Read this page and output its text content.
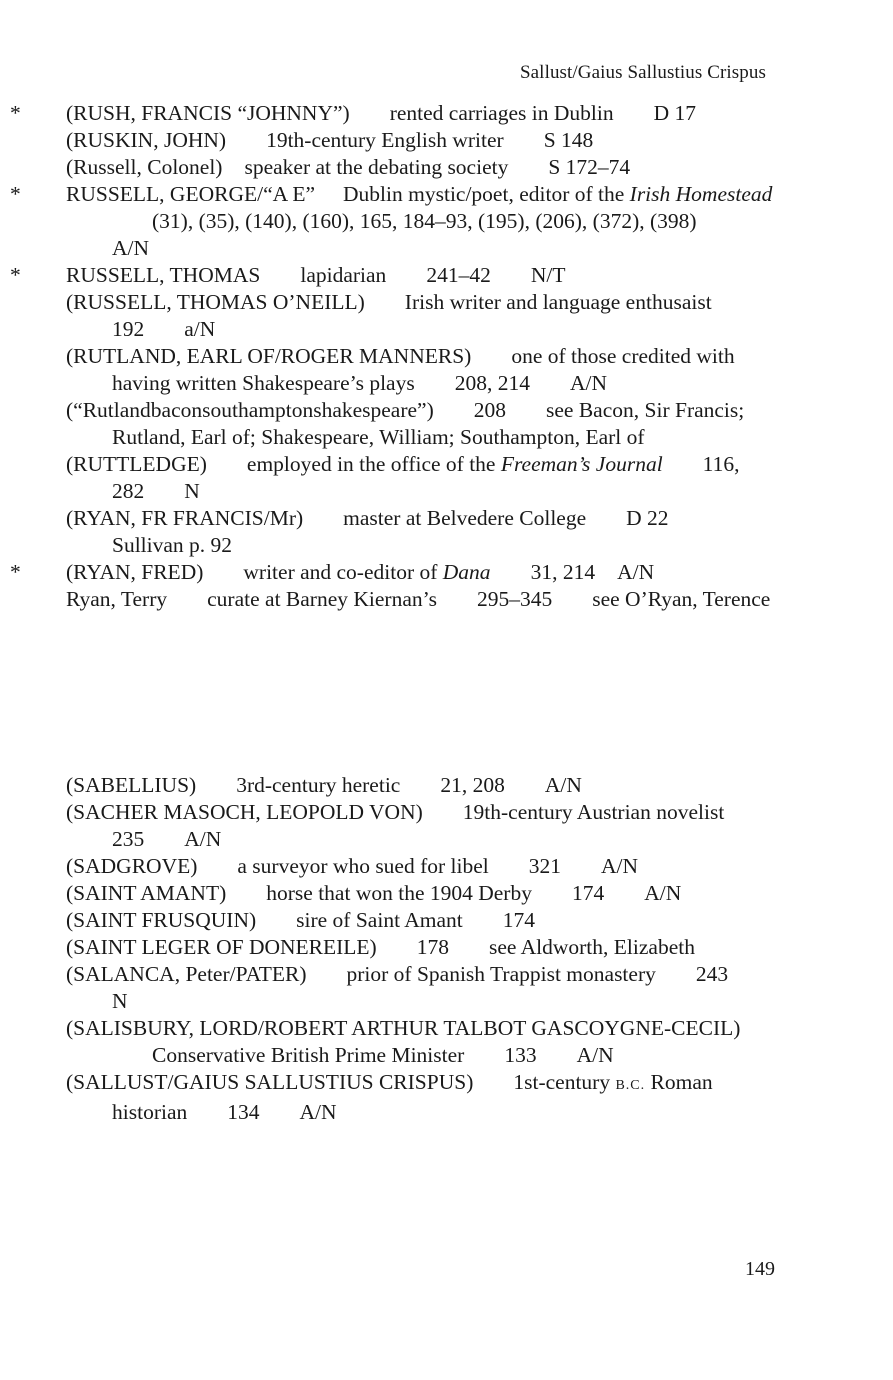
Sallust/Gaius Sallustius Crispus
* (RUSH, FRANCIS “JOHNNY”) rented carriages in Dublin D 17
(RUSKIN, JOHN) 19th-century English writer S 148
(Russell, Colonel) speaker at the debating society S 172–74
* RUSSELL, GEORGE/“A E” Dublin mystic/poet, editor of the Irish Homestead(31), (35), (140), (160), 165, 184–93, (195), (206), (372), (398)A/N
* RUSSELL, THOMAS lapidarian 241–42 N/T
(RUSSELL, THOMAS O’NEILL) Irish writer and language enthusaist192 a/N
(RUTLAND, EARL OF/ROGER MANNERS) one of those credited with having written Shakespeare’s plays 208, 214 A/N
(“Rutlandbaconsouthamptonshakespeare”) 208 see Bacon, Sir Francis; Rutland, Earl of; Shakespeare, William; Southampton, Earl of
(RUTTLEDGE) employed in the office of the Freeman’s Journal 116, 282 N
(RYAN, FR FRANCIS/Mr) master at Belvedere College D 22Sullivan p. 92
* (RYAN, FRED) writer and co-editor of Dana 31, 214 A/N
Ryan, Terry curate at Barney Kiernan’s 295–345 see O’Ryan, Terence
(SABELLIUS) 3rd-century heretic 21, 208 A/N
(SACHER MASOCH, LEOPOLD VON) 19th-century Austrian novelist235 A/N
(SADGROVE) a surveyor who sued for libel 321 A/N
(SAINT AMANT) horse that won the 1904 Derby 174 A/N
(SAINT FRUSQUIN) sire of Saint Amant 174
(SAINT LEGER OF DONEREILE) 178 see Aldworth, Elizabeth
(SALANCA, Peter/PATER) prior of Spanish Trappist monastery 243N
(SALISBURY, LORD/ROBERT ARTHUR TALBOT GASCOYGNE-CECIL)Conservative British Prime Minister 133 A/N
(SALLUST/GAIUS SALLUSTIUS CRISPUS) 1st-century B.C. Roman historian 134 A/N
149
